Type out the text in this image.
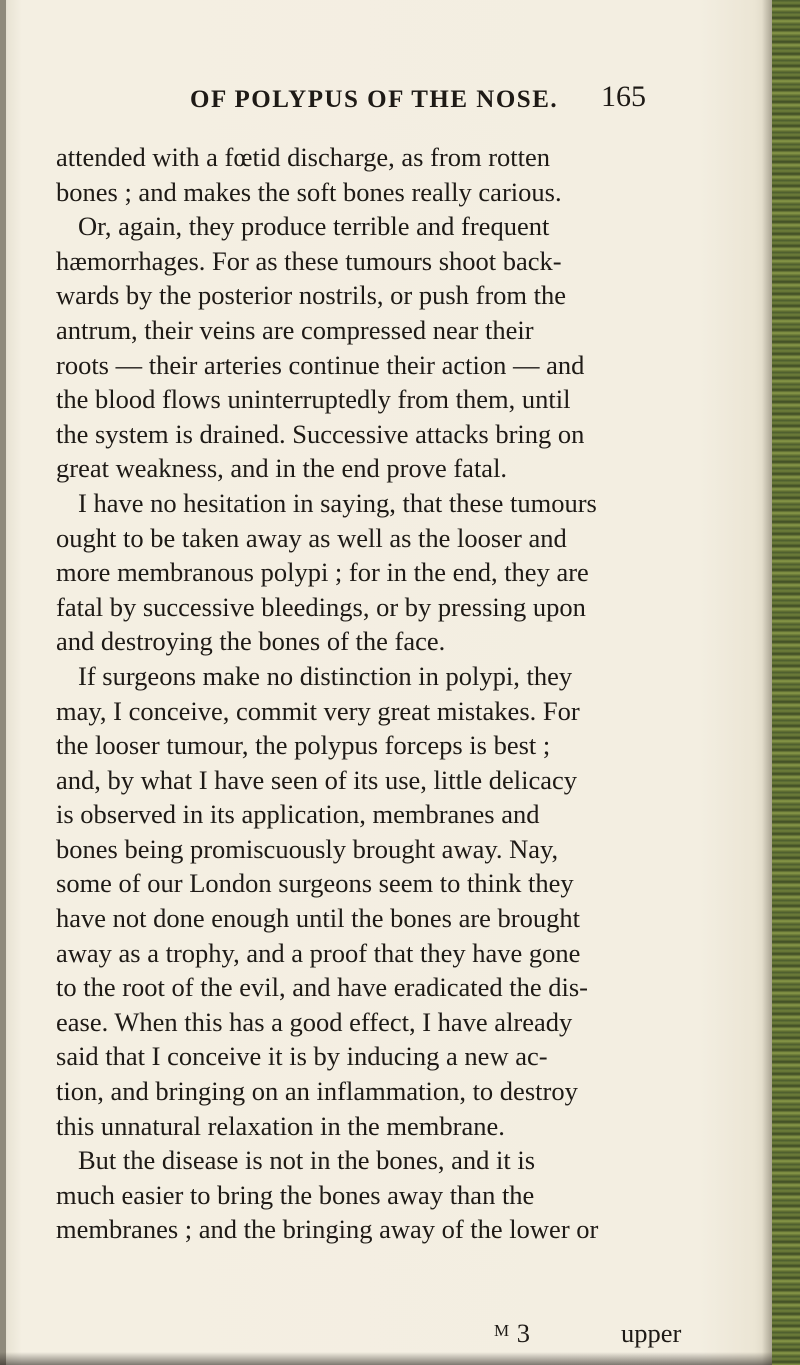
OF POLYPUS OF THE NOSE. 165
attended with a fœtid discharge, as from rotten
bones ; and makes the soft bones really carious.
Or, again, they produce terrible and frequent
hæmorrhages. For as these tumours shoot back-
wards by the posterior nostrils, or push from the
antrum, their veins are compressed near their
roots — their arteries continue their action — and
the blood flows uninterruptedly from them, until
the system is drained. Successive attacks bring on
great weakness, and in the end prove fatal.
I have no hesitation in saying, that these tumours
ought to be taken away as well as the looser and
more membranous polypi ; for in the end, they are
fatal by successive bleedings, or by pressing upon
and destroying the bones of the face.
If surgeons make no distinction in polypi, they
may, I conceive, commit very great mistakes. For
the looser tumour, the polypus forceps is best ;
and, by what I have seen of its use, little delicacy
is observed in its application, membranes and
bones being promiscuously brought away. Nay,
some of our London surgeons seem to think they
have not done enough until the bones are brought
away as a trophy, and a proof that they have gone
to the root of the evil, and have eradicated the dis-
ease. When this has a good effect, I have already
said that I conceive it is by inducing a new ac-
tion, and bringing on an inflammation, to destroy
this unnatural relaxation in the membrane.
But the disease is not in the bones, and it is
much easier to bring the bones away than the
membranes ; and the bringing away of the lower or
$^M$ 3	upper
